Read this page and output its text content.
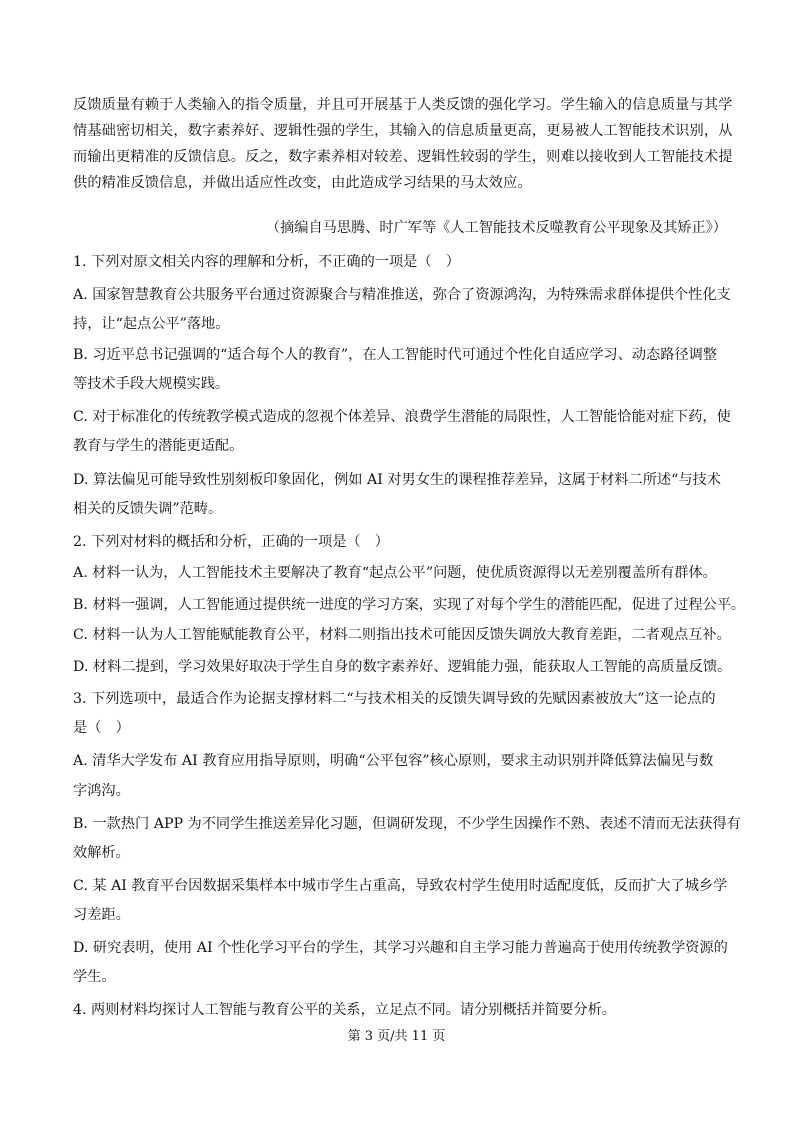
反馈质量有赖于人类输入的指令质量，并且可开展基于人类反馈的强化学习。学生输入的信息质量与其学
情基础密切相关，数字素养好、逻辑性强的学生，其输入的信息质量更高，更易被人工智能技术识别，从
而输出更精准的反馈信息。反之，数字素养相对较差、逻辑性较弱的学生，则难以接收到人工智能技术提
供的精准反馈信息，并做出适应性改变，由此造成学习结果的马太效应。
（摘编自马思腾、时广军等《人工智能技术反噬教育公平现象及其矫正》）
1. 下列对原文相关内容的理解和分析，不正确的一项是（　）
A. 国家智慧教育公共服务平台通过资源聚合与精准推送，弥合了资源鸿沟，为特殊需求群体提供个性化支
持，让“起点公平”落地。
B. 习近平总书记强调的“适合每个人的教育”，在人工智能时代可通过个性化自适应学习、动态路径调整
等技术手段大规模实践。
C. 对于标准化的传统教学模式造成的忽视个体差异、浪费学生潜能的局限性，人工智能恰能对症下药，使
教育与学生的潜能更适配。
D. 算法偏见可能导致性别刻板印象固化，例如 AI 对男女生的课程推荐差异，这属于材料二所述“与技术
相关的反馈失调”范畴。
2. 下列对材料的概括和分析，正确的一项是（　）
A. 材料一认为，人工智能技术主要解决了教育“起点公平”问题，使优质资源得以无差别覆盖所有群体。
B. 材料一强调，人工智能通过提供统一进度的学习方案，实现了对每个学生的潜能匹配，促进了过程公平。
C. 材料一认为人工智能赋能教育公平，材料二则指出技术可能因反馈失调放大教育差距，二者观点互补。
D. 材料二提到，学习效果好取决于学生自身的数字素养好、逻辑能力强，能获取人工智能的高质量反馈。
3. 下列选项中，最适合作为论据支撑材料二“与技术相关的反馈失调导致的先赋因素被放大”这一论点的
是（　）
A. 清华大学发布 AI 教育应用指导原则，明确“公平包容”核心原则，要求主动识别并降低算法偏见与数
字鸿沟。
B. 一款热门 APP 为不同学生推送差异化习题，但调研发现，不少学生因操作不熟、表述不清而无法获得有
效解析。
C. 某 AI 教育平台因数据采集样本中城市学生占重高，导致农村学生使用时适配度低，反而扩大了城乡学
习差距。
D. 研究表明，使用 AI 个性化学习平台的学生，其学习兴趣和自主学习能力普遍高于使用传统教学资源的
学生。
4. 两则材料均探讨人工智能与教育公平的关系，立足点不同。请分别概括并简要分析。
第 3 页/共 11 页
